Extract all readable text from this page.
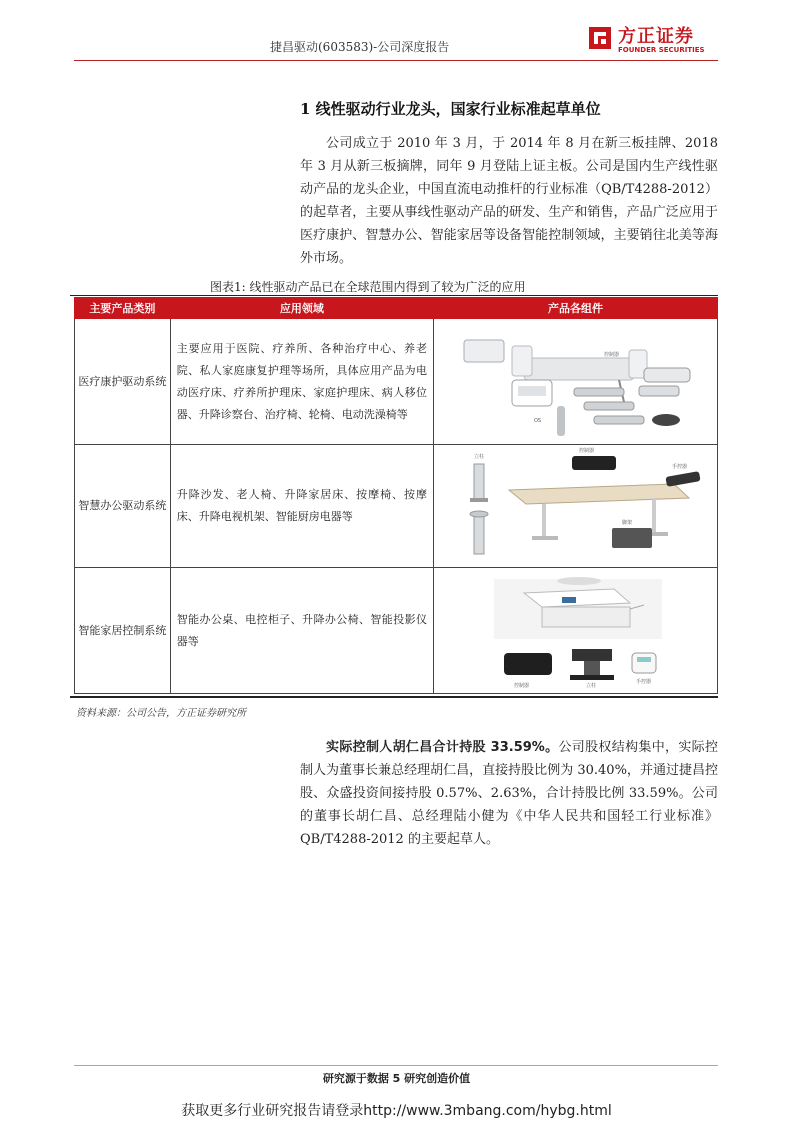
捷昌驱动(603583)-公司深度报告	方正证券
FOUNDER SECURITIES
1 线性驱动行业龙头，国家行业标准起草单位
公司成立于 2010 年 3 月，于 2014 年 8 月在新三板挂牌、2018 年 3 月从新三板摘牌，同年 9 月登陆上证主板。公司是国内生产线性驱动产品的龙头企业，中国直流电动推杆的行业标准（QB/T4288-2012）的起草者，主要从事线性驱动产品的研发、生产和销售，产品广泛应用于医疗康护、智慧办公、智能家居等设备智能控制领域，主要销往北美等海外市场。
图表1: 线性驱动产品已在全球范围内得到了较为广泛的应用
主要产品类别	应用领域	产品各组件
医疗康护驱动系统	主要应用于医院、疗养所、各种治疗中心、养老院、私人家庭康复护理等场所，具体应用产品为电动医疗床、疗养所护理床、家庭护理床、病人移位器、升降诊察台、治疗椅、轮椅、电动洗澡椅等	控制器
OS

智慧办公驱动系统	升降沙发、老人椅、升降家居床、按摩椅、按摩床、升降电视机架、智能厨房电器等	立柱
控制器
手控器
脚架

智能家居控制系统	智能办公桌、电控柜子、升降办公椅、智能投影仪器等	控制器 立柱
手控器
资料来源：公司公告，方正证券研究所
实际控制人胡仁昌合计持股 33.59%。公司股权结构集中，实际控制人为董事长兼总经理胡仁昌，直接持股比例为 30.40%，并通过捷昌控股、众盛投资间接持股 0.57%、2.63%，合计持股比例 33.59%。公司的董事长胡仁昌、总经理陆小健为《中华人民共和国轻工行业标准》QB/T4288-2012 的主要起草人。
研究源于数据 5 研究创造价值
获取更多行业研究报告请登录http://www.3mbang.com/hybg.html
